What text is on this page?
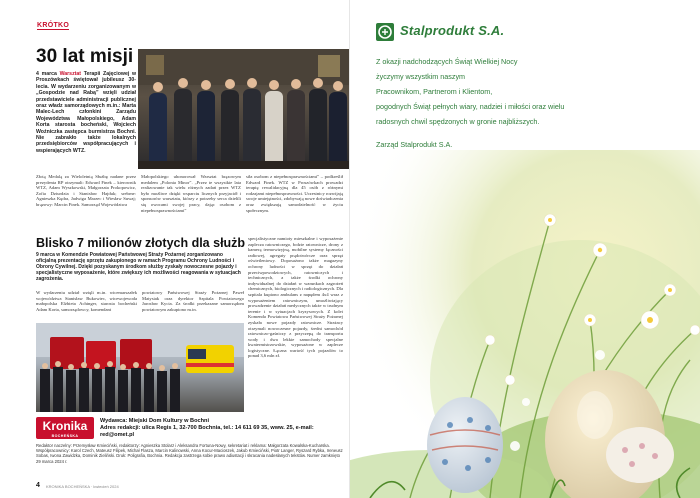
KRÓTKO
30 lat misji
4 marca Warsztat Terapii Zajęciowej w Proszówkach świętował jubileusz 30-lecia. W wydarzeniu zorganizowanym w „Gospodzie nad Rabą” wzięli udział przedstawiciele administracji publicznej oraz władz samorządowych m.in.: Marta Malec-Lech członkini Zarządu Województwa Małopolskiego, Adam Korta starosta bocheński, Wojciech Woźniczka zastępca burmistrza Bochni. Nie zabrakło także lokalnych przedsiębiorców współpracujących i wspierających WTZ.
Złotą Medalą za Wieloletnią Służbę nadane przez prezydenta RP otrzymali: Edward Finek – kierownik WTZ, Adam Wyszkowski, Małgorzata Prokopowicz, Zofia Dziurdzia i Stanisław Hajduk; srebrne: Agnieszka Kędra, Jadwiga Marzec i Wiesław Suwaj; brązowy: Marcin Finek. Samorząd Województwa
Małopolskiego uhonorował Warsztat brązowym medalem „Polonia Minor”. „Przez te wszystkie lata realizowanie tak wielu różnych zadań przez WTZ było możliwe dzięki wsparciu licznych przyjaciół i sponsorów warsztatu, którzy z potrzeby serca dzielili się owocami swojej pracy, dając osobom z niepełnosprawnościami”
siła osobom z niepełnosprawnościami” – podkreślił Edward Finek. WTZ w Proszówkach prowadzi terapię rewalidacyjną dla 45 osób z różnymi rodzajami niepełnosprawności. Uczestnicy rozwijają swoje umiejętności, zdobywają nowe doświadczenia oraz zwiększają samodzielność w życiu społecznym.
Blisko 7 milionów złotych dla służb
9 marca w Komendzie Powiatowej Państwowej Straży Pożarnej zorganizowano oficjalną prezentację sprzętu zakupionego w ramach Programu Ochrony Ludności i Obrony Cywilnej. Dzięki pozyskanym środkom służby zyskały nowoczesne pojazdy i specjalistyczne wyposażenie, które zwiększy ich możliwości reagowania w sytuacjach zagrożenia.
W wydarzeniu udział wzięli m.in. wicemarszałek województwa Stanisław Bukowiec, wicewojewoda małopolska Elżbieta Achinger, starosta bocheński Adam Korta, samorządowcy, komendant
powiatowy Państwowej Straży Pożarnej Paweł Matysiak oraz dyrektor Szpitala Powiatowego Jarosław Kycia. Za środki przekazane samorządom powiatowym zakupiono m.in.
specjalistyczne namioty mieszkalne i wyposażenie zaplecza ratowniczego, łodzie ratownicze, drony z kamerą termowizyjną, mobilne systemy łączności radiowej, agregaty prądotwórcze oraz sprzęt oświetleniowy. Doposażono także magazyny ochrony ludności w sprzęt do działań przeciwpowodziowych, ratowniczych i technicznych, a także środki ochrony indywidualnej do działań w warunkach zagrożeń chemicznych, biologicznych i radiologicznych. Dla szpitala kupiono ambulans z napędem 4x4 wraz z wyposażeniem ratowniczym, umożliwiający prowadzenie działań medycznych także w trudnym terenie i w sytuacjach kryzysowych. Z kolei Komenda Powiatowa Państwowej Straży Pożarnej zyskała nowe pojazdy ratownicze. Strażacy otrzymali nowoczesne pojazdy, średni samochód ratowniczo-gaśniczy z przyczepą do transportu wody i dwa lekkie samochody specjalne kwatermistrzowskie, wyposażone w zaplecze logistyczne. Łączna wartość tych pojazdów to ponad 3,6 mln zł.
Kronika
BOCHEŃSKA
Wydawca: Miejski Dom Kultury w Bochni
Adres redakcji: ulica Regis 1, 32-700 Bochnia, tel.: 14 611 69 35, www. 25, e-mail: red@omet.pl
Redaktor naczelny: Przemysław Kmieciński, redaktorzy: Agnieszka Stolarz i Aleksandra Fortuna-Nowy, sekretariat i reklama: Małgorzata Kowalska-Kucharska. Współpracownicy: Karol Czech, Mateusz Filipek, Michał Flasza, Marcin Kalinowski, Anna Kocur-Macioszek, Jakub Kmieciński, Piotr Langer, Ryszard Rybka, Ireneusz Sobas, Iwona Zawidzka, Dominik Zieliński. Druk: Poligrafia, Bochnia. Redakcja zastrzega sobie prawo adiustacji i skracania nadesłanych tekstów. Numer zamknięto 29 marca 2024 r.
4 KRONIKA BOCHEŃSKA · kwiecień 2024
Stalprodukt S.A.
Z okazji nadchodzących Świąt Wielkiej Nocy
życzymy wszystkim naszym
Pracownikom, Partnerom i Klientom,
pogodnych Świąt pełnych wiary, nadziei i miłości oraz wielu
radosnych chwil spędzonych w gronie najbliższych.
Zarząd Stalprodukt S.A.
